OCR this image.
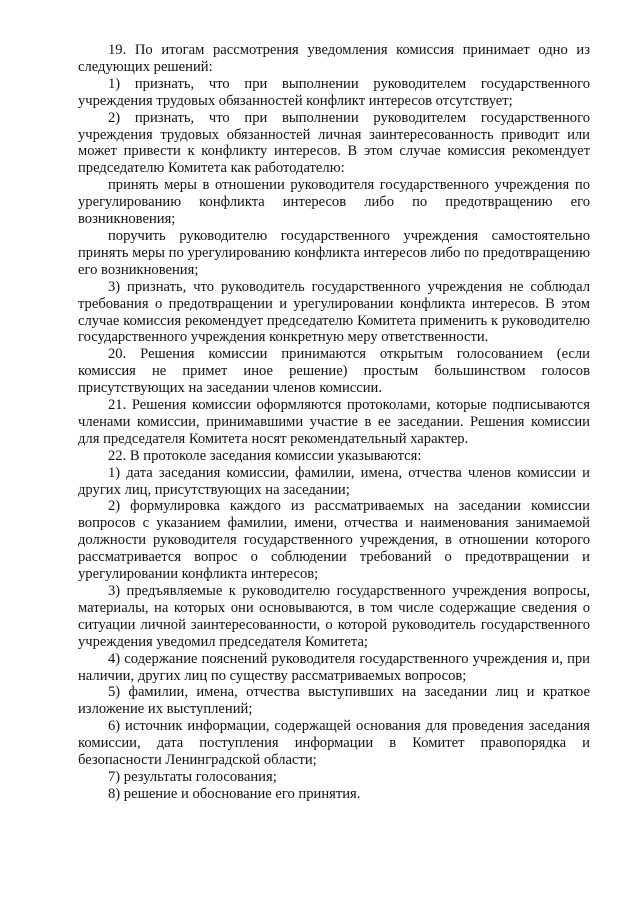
19. По итогам рассмотрения уведомления комиссия принимает одно из следующих решений:

1) признать, что при выполнении руководителем государственного учреждения трудовых обязанностей конфликт интересов отсутствует;

2) признать, что при выполнении руководителем государственного учреждения трудовых обязанностей личная заинтересованность приводит или может привести к конфликту интересов. В этом случае комиссия рекомендует председателю Комитета как работодателю:

принять меры в отношении руководителя государственного учреждения по урегулированию конфликта интересов либо по предотвращению его возникновения;

поручить руководителю государственного учреждения самостоятельно принять меры по урегулированию конфликта интересов либо по предотвращению его возникновения;

3) признать, что руководитель государственного учреждения не соблюдал требования о предотвращении и урегулировании конфликта интересов. В этом случае комиссия рекомендует председателю Комитета применить к руководителю государственного учреждения конкретную меру ответственности.

20. Решения комиссии принимаются открытым голосованием (если комиссия не примет иное решение) простым большинством голосов присутствующих на заседании членов комиссии.

21. Решения комиссии оформляются протоколами, которые подписываются членами комиссии, принимавшими участие в ее заседании. Решения комиссии для председателя Комитета носят рекомендательный характер.

22. В протоколе заседания комиссии указываются:

1) дата заседания комиссии, фамилии, имена, отчества членов комиссии и других лиц, присутствующих на заседании;

2) формулировка каждого из рассматриваемых на заседании комиссии вопросов с указанием фамилии, имени, отчества и наименования занимаемой должности руководителя государственного учреждения, в отношении которого рассматривается вопрос о соблюдении требований о предотвращении и урегулировании конфликта интересов;

3) предъявляемые к руководителю государственного учреждения вопросы, материалы, на которых они основываются, в том числе содержащие сведения о ситуации личной заинтересованности, о которой руководитель государственного учреждения уведомил председателя Комитета;

4) содержание пояснений руководителя государственного учреждения и, при наличии, других лиц по существу рассматриваемых вопросов;

5) фамилии, имена, отчества выступивших на заседании лиц и краткое изложение их выступлений;

6) источник информации, содержащей основания для проведения заседания комиссии, дата поступления информации в Комитет правопорядка и безопасности Ленинградской области;

7) результаты голосования;

8) решение и обоснование его принятия.
